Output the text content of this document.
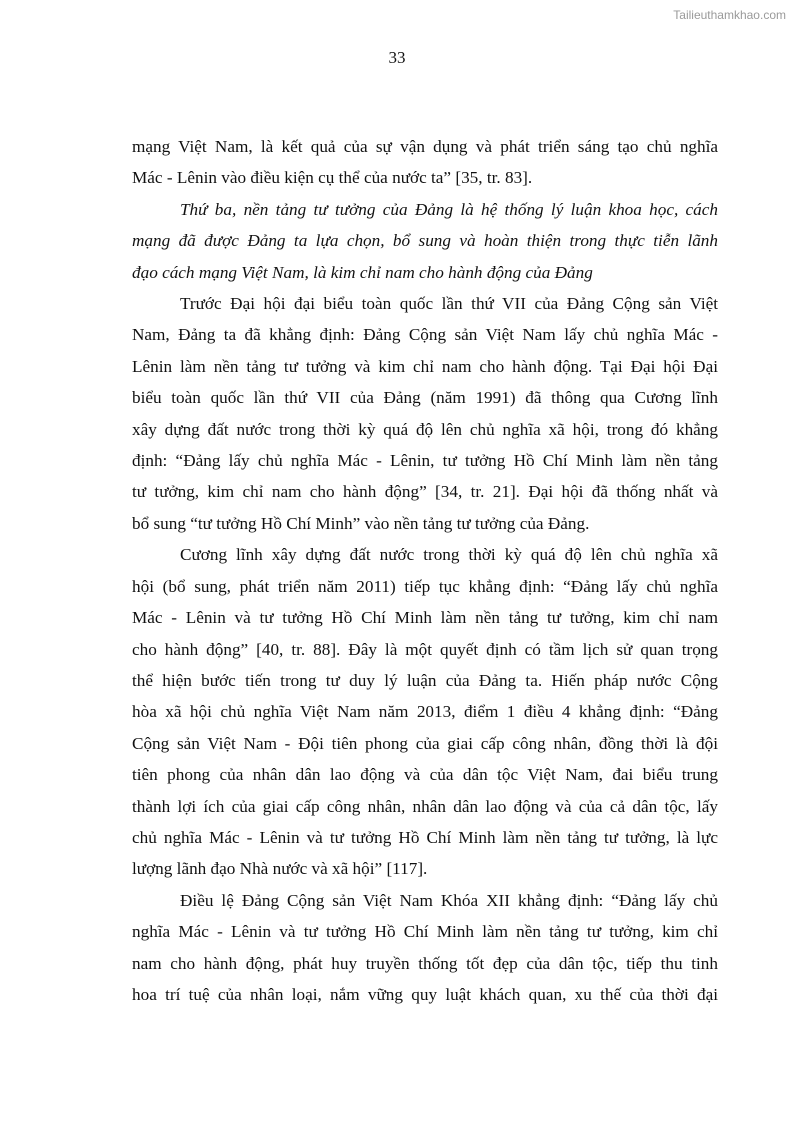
Tailieuthamkhao.com
33
mạng Việt Nam, là kết quả của sự vận dụng và phát triển sáng tạo chủ nghĩa
Mác - Lênin vào điều kiện cụ thể của nước ta” [35, tr. 83].
Thứ ba, nền tảng tư tưởng của Đảng là hệ thống lý luận khoa học, cách
mạng đã được Đảng ta lựa chọn, bổ sung và hoàn thiện trong thực tiễn lãnh
đạo cách mạng Việt Nam, là kim chỉ nam cho hành động của Đảng
Trước Đại hội đại biểu toàn quốc lần thứ VII của Đảng Cộng sản Việt
Nam, Đảng ta đã khẳng định: Đảng Cộng sản Việt Nam lấy chủ nghĩa Mác -
Lênin làm nền tảng tư tưởng và kim chỉ nam cho hành động. Tại Đại hội Đại
biểu toàn quốc lần thứ VII của Đảng (năm 1991) đã thông qua Cương lĩnh
xây dựng đất nước trong thời kỳ quá độ lên chủ nghĩa xã hội, trong đó khẳng
định: “Đảng lấy chủ nghĩa Mác - Lênin, tư tưởng Hồ Chí Minh làm nền tảng
tư tưởng, kim chỉ nam cho hành động” [34, tr. 21]. Đại hội đã thống nhất và
bổ sung “tư tưởng Hồ Chí Minh” vào nền tảng tư tưởng của Đảng.
Cương lĩnh xây dựng đất nước trong thời kỳ quá độ lên chủ nghĩa xã
hội (bổ sung, phát triển năm 2011) tiếp tục khẳng định: “Đảng lấy chủ nghĩa
Mác - Lênin và tư tưởng Hồ Chí Minh làm nền tảng tư tưởng, kim chỉ nam
cho hành động” [40, tr. 88]. Đây là một quyết định có tầm lịch sử quan trọng
thể hiện bước tiến trong tư duy lý luận của Đảng ta. Hiến pháp nước Cộng
hòa xã hội chủ nghĩa Việt Nam năm 2013, điểm 1 điều 4 khẳng định: “Đảng
Cộng sản Việt Nam - Đội tiên phong của giai cấp công nhân, đồng thời là đội
tiên phong của nhân dân lao động và của dân tộc Việt Nam, đai biểu trung
thành lợi ích của giai cấp công nhân, nhân dân lao động và của cả dân tộc, lấy
chủ nghĩa Mác - Lênin và tư tưởng Hồ Chí Minh làm nền tảng tư tưởng, là lực
lượng lãnh đạo Nhà nước và xã hội” [117].
Điều lệ Đảng Cộng sản Việt Nam Khóa XII khẳng định: “Đảng lấy chủ
nghĩa Mác - Lênin và tư tưởng Hồ Chí Minh làm nền tảng tư tưởng, kim chỉ
nam cho hành động, phát huy truyền thống tốt đẹp của dân tộc, tiếp thu tinh
hoa trí tuệ của nhân loại, nắm vững quy luật khách quan, xu thế của thời đại
